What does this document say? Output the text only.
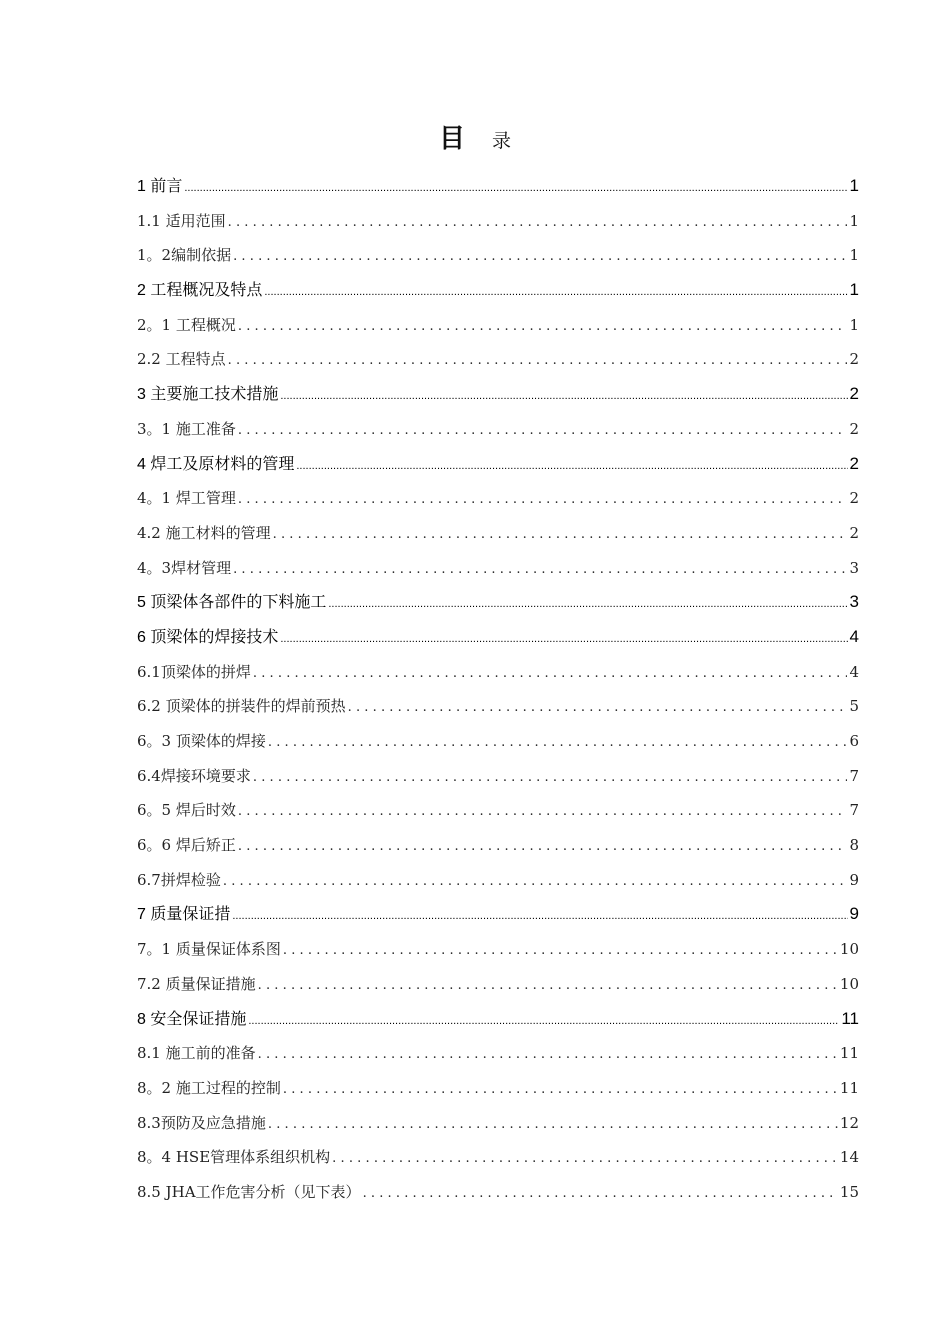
目 录
1 前言 .....	1
1.1 适用范围 .....	1
1。2编制依据 .....	1
2 工程概况及特点 .....	1
2。1 工程概况 .....	1
2.2 工程特点 .....	2
3 主要施工技术措施 .....	2
3。1 施工准备 .....	2
4 焊工及原材料的管理 .....	2
4。1 焊工管理 .....	2
4.2 施工材料的管理 .....	2
4。3焊材管理 .....	3
5 顶梁体各部件的下料施工 .....	3
6 顶梁体的焊接技术 .....	4
6.1顶梁体的拼焊 .....	4
6.2 顶梁体的拼装件的焊前预热 .....	5
6。3 顶梁体的焊接 .....	6
6.4焊接环境要求 .....	7
6。5 焊后时效 .....	7
6。6 焊后矫正 .....	8
6.7拼焊检验 .....	9
7 质量保证措 .....	9
7。1 质量保证体系图 .....	10
7.2 质量保证措施 .....	10
8 安全保证措施 .....	11
8.1 施工前的准备 .....	11
8。2 施工过程的控制 .....	11
8.3预防及应急措施 .....	12
8。4 HSE管理体系组织机构 .....	14
8.5 JHA工作危害分析（见下表） .....	15
